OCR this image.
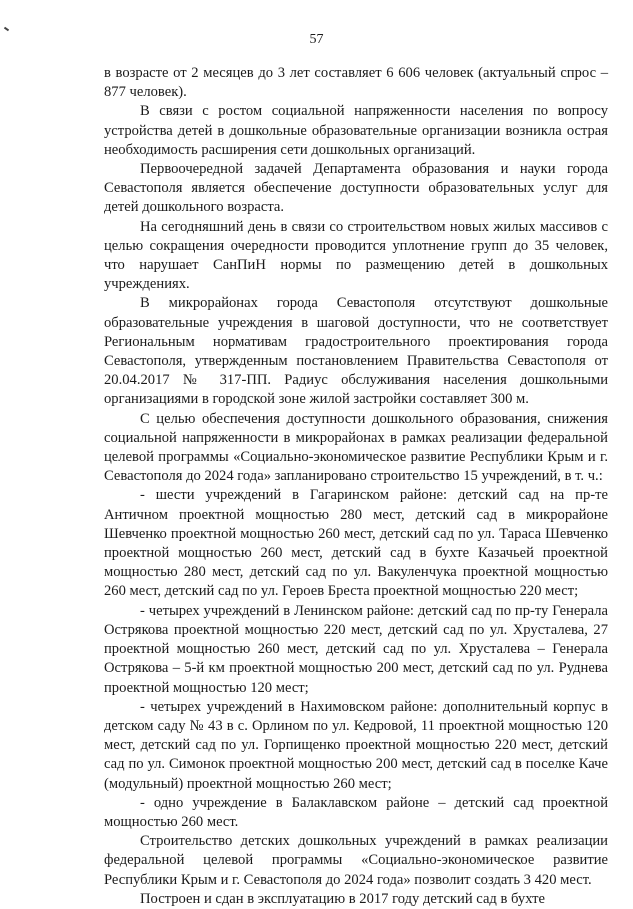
57

в возрасте от 2 месяцев до 3 лет составляет 6 606 человек (актуальный спрос – 877 человек).

В связи с ростом социальной напряженности населения по вопросу устройства детей в дошкольные образовательные организации возникла острая необходимость расширения сети дошкольных организаций.

Первоочередной задачей Департамента образования и науки города Севастополя является обеспечение доступности образовательных услуг для детей дошкольного возраста.

На сегодняшний день в связи со строительством новых жилых массивов с целью сокращения очередности проводится уплотнение групп до 35 человек, что нарушает СанПиН нормы по размещению детей в дошкольных учреждениях.

В микрорайонах города Севастополя отсутствуют дошкольные образовательные учреждения в шаговой доступности, что не соответствует Региональным нормативам градостроительного проектирования города Севастополя, утвержденным постановлением Правительства Севастополя от 20.04.2017 № 317-ПП. Радиус обслуживания населения дошкольными организациями в городской зоне жилой застройки составляет 300 м.

С целью обеспечения доступности дошкольного образования, снижения социальной напряженности в микрорайонах в рамках реализации федеральной целевой программы «Социально-экономическое развитие Республики Крым и г. Севастополя до 2024 года» запланировано строительство 15 учреждений, в т. ч.:

- шести учреждений в Гагаринском районе: детский сад на пр-те Античном проектной мощностью 280 мест, детский сад в микрорайоне Шевченко проектной мощностью 260 мест, детский сад по ул. Тараса Шевченко проектной мощностью 260 мест, детский сад в бухте Казачьей проектной мощностью 280 мест, детский сад по ул. Вакуленчука проектной мощностью 260 мест, детский сад по ул. Героев Бреста проектной мощностью 220 мест;

- четырех учреждений в Ленинском районе: детский сад по пр-ту Генерала Острякова проектной мощностью 220 мест, детский сад по ул. Хрусталева, 27 проектной мощностью 260 мест, детский сад по ул. Хрусталева – Генерала Острякова – 5-й км проектной мощностью 200 мест, детский сад по ул. Руднева проектной мощностью 120 мест;

- четырех учреждений в Нахимовском районе: дополнительный корпус в детском саду № 43 в с. Орлином по ул. Кедровой, 11 проектной мощностью 120 мест, детский сад по ул. Горпищенко проектной мощностью 220 мест, детский сад по ул. Симонок проектной мощностью 200 мест, детский сад в поселке Каче (модульный) проектной мощностью 260 мест;

- одно учреждение в Балаклавском районе – детский сад проектной мощностью 260 мест.

Строительство детских дошкольных учреждений в рамках реализации федеральной целевой программы «Социально-экономическое развитие Республики Крым и г. Севастополя до 2024 года» позволит создать 3 420 мест.

Построен и сдан в эксплуатацию в 2017 году детский сад в бухте
